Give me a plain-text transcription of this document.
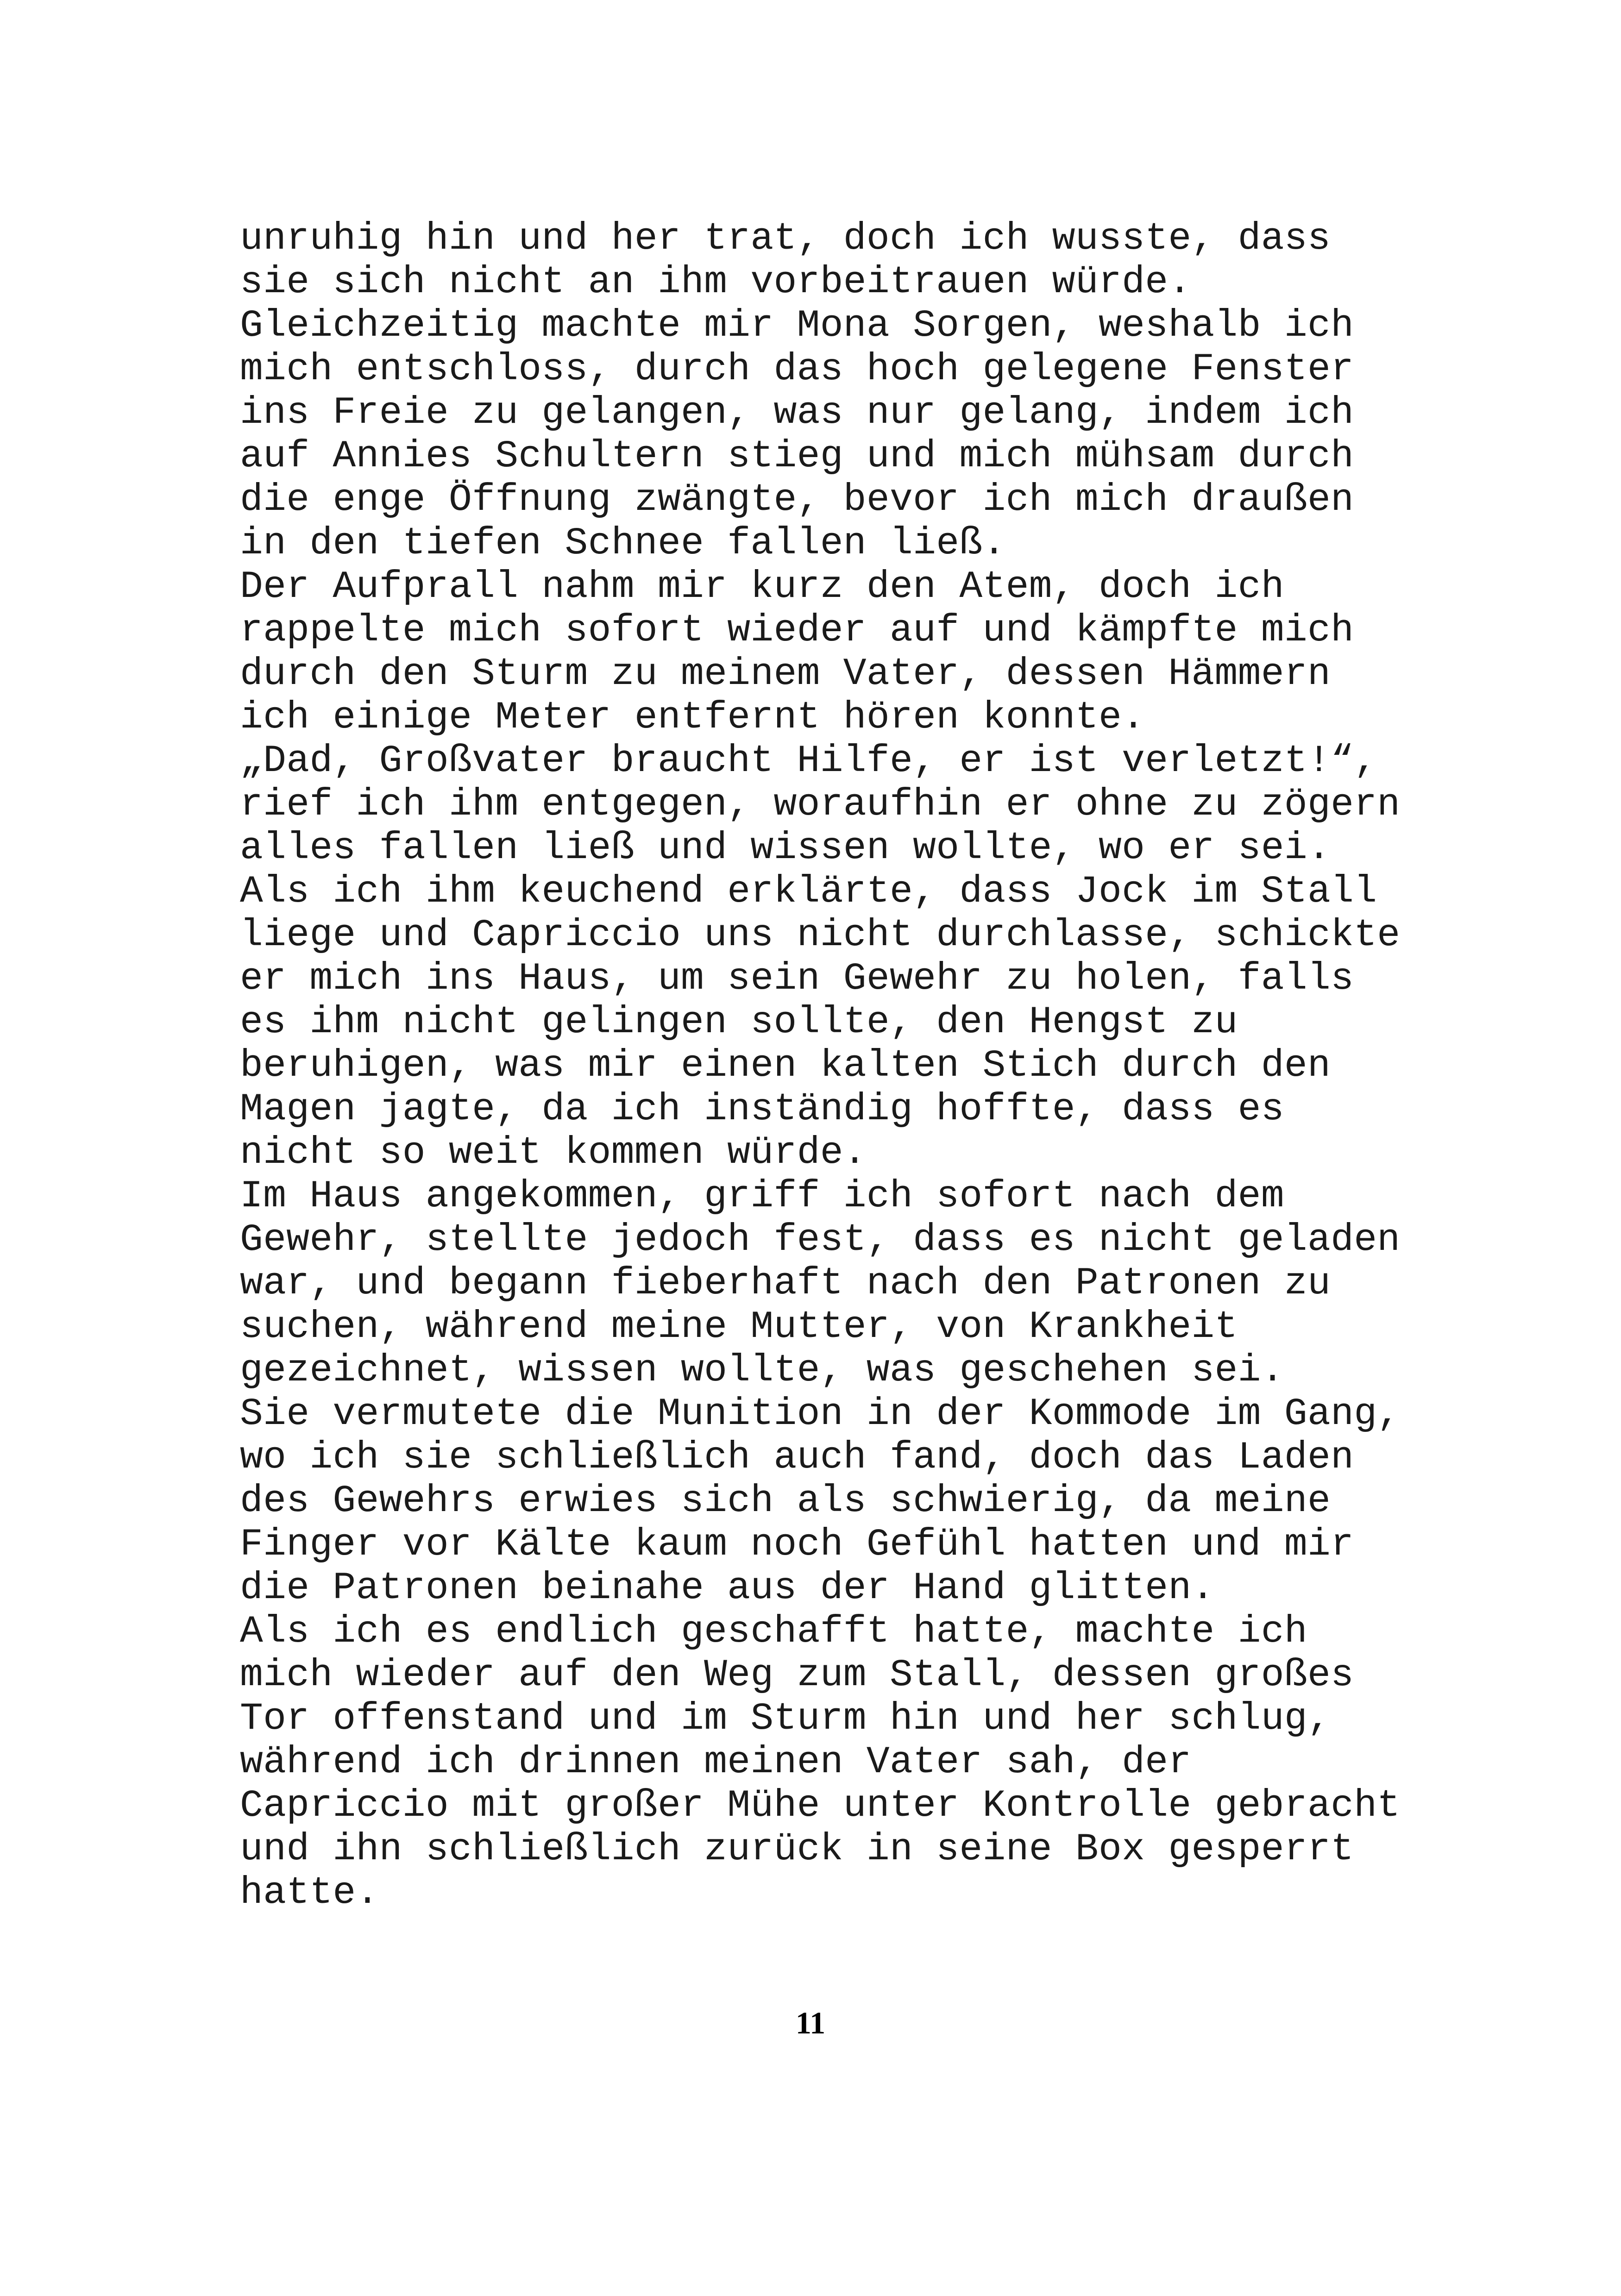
unruhig hin und her trat, doch ich wusste, dass
sie sich nicht an ihm vorbeitrauen würde.
Gleichzeitig machte mir Mona Sorgen, weshalb ich
mich entschloss, durch das hoch gelegene Fenster
ins Freie zu gelangen, was nur gelang, indem ich
auf Annies Schultern stieg und mich mühsam durch
die enge Öffnung zwängte, bevor ich mich draußen
in den tiefen Schnee fallen ließ.
Der Aufprall nahm mir kurz den Atem, doch ich
rappelte mich sofort wieder auf und kämpfte mich
durch den Sturm zu meinem Vater, dessen Hämmern
ich einige Meter entfernt hören konnte.
„Dad, Großvater braucht Hilfe, er ist verletzt!“,
rief ich ihm entgegen, woraufhin er ohne zu zögern
alles fallen ließ und wissen wollte, wo er sei.
Als ich ihm keuchend erklärte, dass Jock im Stall
liege und Capriccio uns nicht durchlasse, schickte
er mich ins Haus, um sein Gewehr zu holen, falls
es ihm nicht gelingen sollte, den Hengst zu
beruhigen, was mir einen kalten Stich durch den
Magen jagte, da ich inständig hoffte, dass es
nicht so weit kommen würde.
Im Haus angekommen, griff ich sofort nach dem
Gewehr, stellte jedoch fest, dass es nicht geladen
war, und begann fieberhaft nach den Patronen zu
suchen, während meine Mutter, von Krankheit
gezeichnet, wissen wollte, was geschehen sei.
Sie vermutete die Munition in der Kommode im Gang,
wo ich sie schließlich auch fand, doch das Laden
des Gewehrs erwies sich als schwierig, da meine
Finger vor Kälte kaum noch Gefühl hatten und mir
die Patronen beinahe aus der Hand glitten.
Als ich es endlich geschafft hatte, machte ich
mich wieder auf den Weg zum Stall, dessen großes
Tor offenstand und im Sturm hin und her schlug,
während ich drinnen meinen Vater sah, der
Capriccio mit großer Mühe unter Kontrolle gebracht
und ihn schließlich zurück in seine Box gesperrt
hatte.
11
